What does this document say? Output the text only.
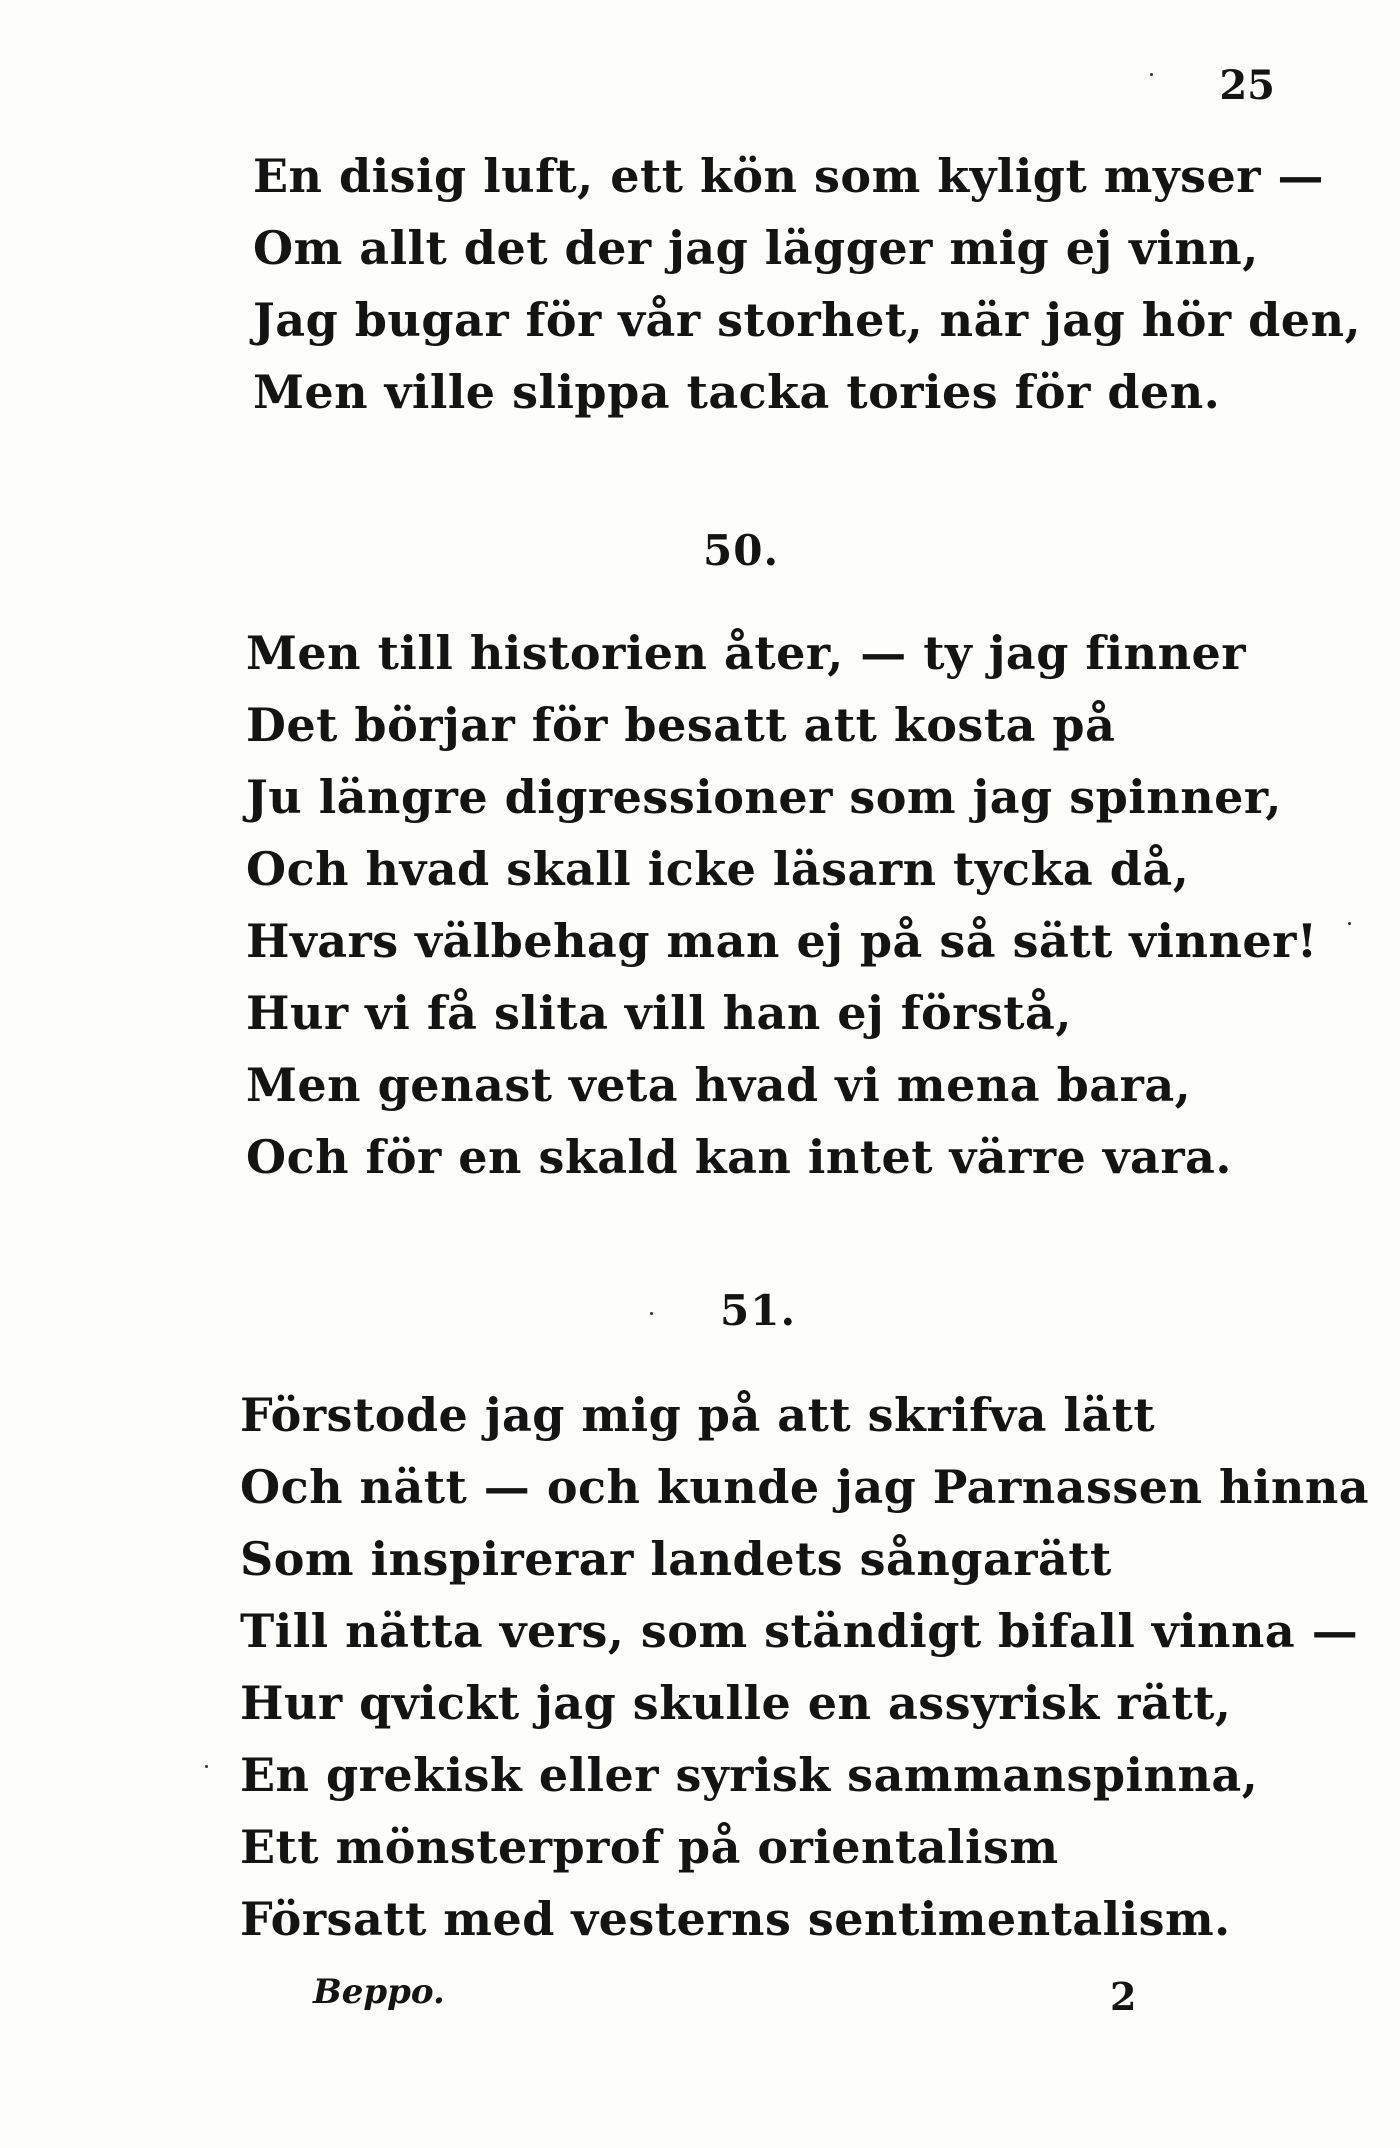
25
En disig luft, ett kön som kyligt myser —
Om allt det der jag lägger mig ej vinn,
Jag bugar för vår storhet, när jag hör den,
Men ville slippa tacka tories för den.
50.
Men till historien åter, — ty jag finner
Det börjar för besatt att kosta på
Ju längre digressioner som jag spinner,
Och hvad skall icke läsarn tycka då,
Hvars välbehag man ej på så sätt vinner!
Hur vi få slita vill han ej förstå,
Men genast veta hvad vi mena bara,
Och för en skald kan intet värre vara.
51.
Förstode jag mig på att skrifva lätt
Och nätt — och kunde jag Parnassen hinna
Som inspirerar landets sångarätt
Till nätta vers, som ständigt bifall vinna —
Hur qvickt jag skulle en assyrisk rätt,
En grekisk eller syrisk sammanspinna,
Ett mönsterprof på orientalism
Försatt med vesterns sentimentalism.
Beppo.	2
